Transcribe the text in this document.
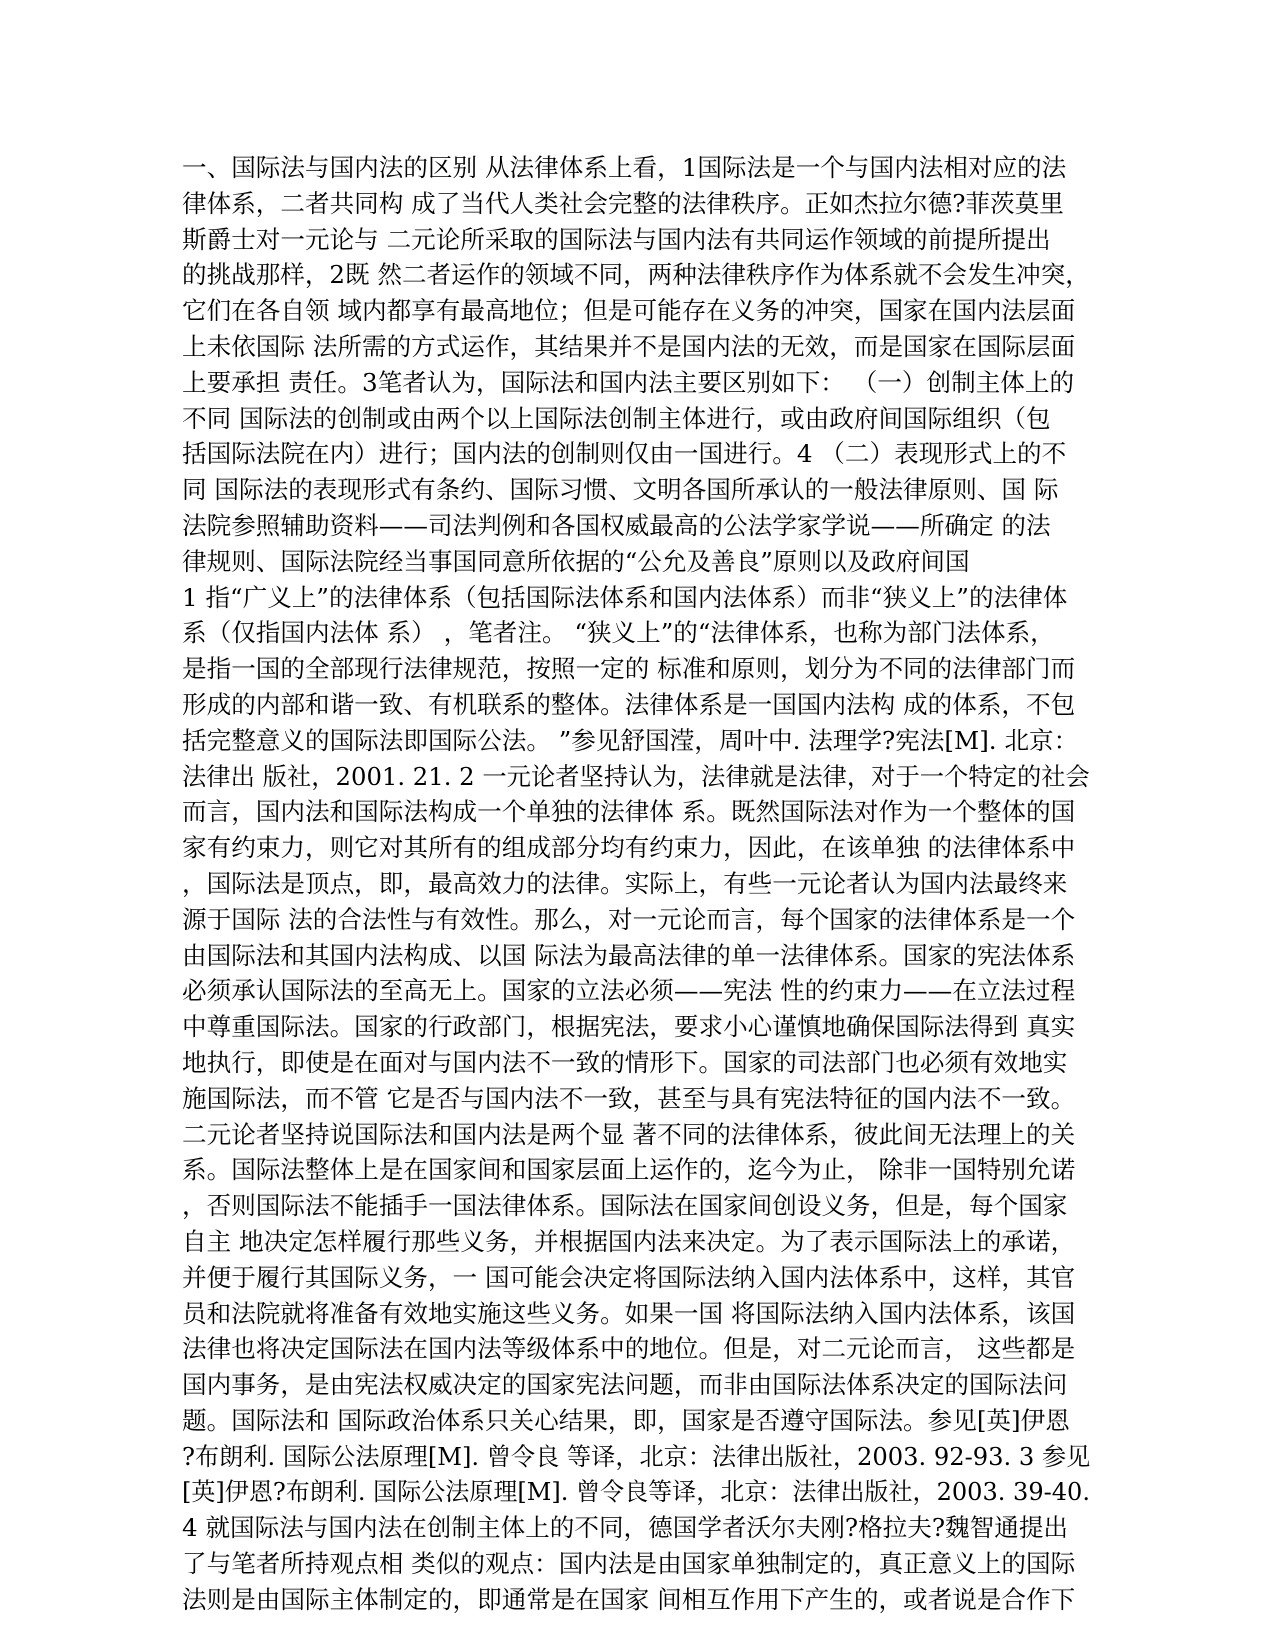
一、国际法与国内法的区别 从法律体系上看，1国际法是一个与国内法相对应的法
律体系，二者共同构 成了当代人类社会完整的法律秩序。正如杰拉尔德?菲茨莫里
斯爵士对一元论与 二元论所采取的国际法与国内法有共同运作领域的前提所提出
的挑战那样，2既 然二者运作的领域不同，两种法律秩序作为体系就不会发生冲突，
它们在各自领 域内都享有最高地位；但是可能存在义务的冲突，国家在国内法层面
上未依国际 法所需的方式运作，其结果并不是国内法的无效，而是国家在国际层面
上要承担 责任。3笔者认为，国际法和国内法主要区别如下： （一）创制主体上的
不同 国际法的创制或由两个以上国际法创制主体进行，或由政府间国际组织（包
括国际法院在内）进行；国内法的创制则仅由一国进行。4 （二）表现形式上的不
同 国际法的表现形式有条约、国际习惯、文明各国所承认的一般法律原则、国 际
法院参照辅助资料——司法判例和各国权威最高的公法学家学说——所确定 的法
律规则、国际法院经当事国同意所依据的“公允及善良”原则以及政府间国
1 指“广义上”的法律体系（包括国际法体系和国内法体系）而非“狭义上”的法律体
系（仅指国内法体 系） ，笔者注。 “狭义上”的“法律体系，也称为部门法体系，
是指一国的全部现行法律规范，按照一定的 标准和原则，划分为不同的法律部门而
形成的内部和谐一致、有机联系的整体。法律体系是一国国内法构 成的体系，不包
括完整意义的国际法即国际公法。 ”参见舒国滢，周叶中. 法理学?宪法[M]. 北京：
法律出 版社，2001. 21. 2 一元论者坚持认为，法律就是法律，对于一个特定的社会
而言，国内法和国际法构成一个单独的法律体 系。既然国际法对作为一个整体的国
家有约束力，则它对其所有的组成部分均有约束力，因此，在该单独 的法律体系中
，国际法是顶点，即，最高效力的法律。实际上，有些一元论者认为国内法最终来
源于国际 法的合法性与有效性。那么，对一元论而言，每个国家的法律体系是一个
由国际法和其国内法构成、以国 际法为最高法律的单一法律体系。国家的宪法体系
必须承认国际法的至高无上。国家的立法必须——宪法 性的约束力——在立法过程
中尊重国际法。国家的行政部门，根据宪法，要求小心谨慎地确保国际法得到 真实
地执行，即使是在面对与国内法不一致的情形下。国家的司法部门也必须有效地实
施国际法，而不管 它是否与国内法不一致，甚至与具有宪法特征的国内法不一致。
二元论者坚持说国际法和国内法是两个显 著不同的法律体系，彼此间无法理上的关
系。国际法整体上是在国家间和国家层面上运作的，迄今为止， 除非一国特别允诺
，否则国际法不能插手一国法律体系。国际法在国家间创设义务，但是，每个国家
自主 地决定怎样履行那些义务，并根据国内法来决定。为了表示国际法上的承诺，
并便于履行其国际义务，一 国可能会决定将国际法纳入国内法体系中，这样，其官
员和法院就将准备有效地实施这些义务。如果一国 将国际法纳入国内法体系，该国
法律也将决定国际法在国内法等级体系中的地位。但是，对二元论而言， 这些都是
国内事务，是由宪法权威决定的国家宪法问题，而非由国际法体系决定的国际法问
题。国际法和 国际政治体系只关心结果，即，国家是否遵守国际法。参见[英]伊恩
?布朗利. 国际公法原理[M]. 曾令良 等译，北京：法律出版社，2003. 92-93. 3 参见
[英]伊恩?布朗利. 国际公法原理[M]. 曾令良等译，北京：法律出版社，2003. 39-40.
4 就国际法与国内法在创制主体上的不同，德国学者沃尔夫刚?格拉夫?魏智通提出
了与笔者所持观点相 类似的观点：国内法是由国家单独制定的，真正意义上的国际
法则是由国际主体制定的，即通常是在国家 间相互作用下产生的，或者说是合作下
